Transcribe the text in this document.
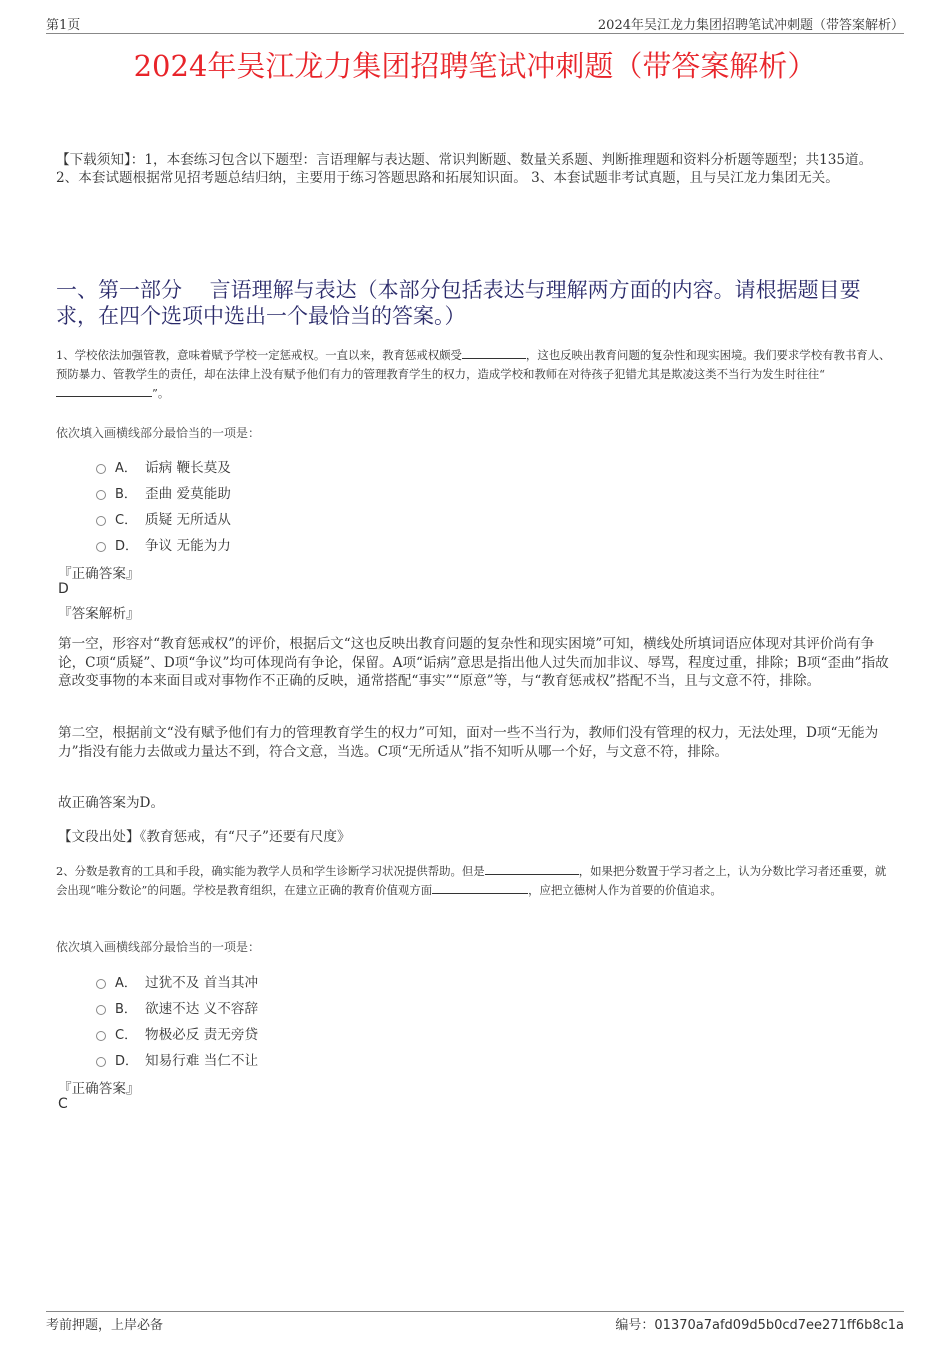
第1页	2024年吴江龙力集团招聘笔试冲刺题（带答案解析）
2024年吴江龙力集团招聘笔试冲刺题（带答案解析）
【下载须知】：1，本套练习包含以下题型：言语理解与表达题、常识判断题、数量关系题、判断推理题和资料分析题等题型；共135道。 2、本套试题根据常见招考题总结归纳，主要用于练习答题思路和拓展知识面。 3、本套试题非考试真题，且与吴江龙力集团无关。
一、第一部分　 言语理解与表达（本部分包括表达与理解两方面的内容。请根据题目要求，在四个选项中选出一个最恰当的答案。）
1、学校依法加强管教，意味着赋予学校一定惩戒权。一直以来，教育惩戒权颇受	，这也反映出教育问题的复杂性和现实困境。我们要求学校有教书育人、预防暴力、管教学生的责任，却在法律上没有赋予他们有力的管理教育学生的权力，造成学校和教师在对待孩子犯错尤其是欺凌这类不当行为发生时往往“”。
依次填入画横线部分最恰当的一项是：
A． 诟病 鞭长莫及
B． 歪曲 爱莫能助
C． 质疑 无所适从
D． 争议 无能为力
『正确答案』
D
『答案解析』
第一空，形容对“教育惩戒权”的评价，根据后文“这也反映出教育问题的复杂性和现实困境”可知，横线处所填词语应体现对其评价尚有争论，C项“质疑”、D项“争议”均可体现尚有争论，保留。A项“诟病”意思是指出他人过失而加非议、辱骂，程度过重，排除；B项“歪曲”指故意改变事物的本来面目或对事物作不正确的反映，通常搭配“事实”“原意”等，与“教育惩戒权”搭配不当，且与文意不符，排除。
第二空，根据前文“没有赋予他们有力的管理教育学生的权力”可知，面对一些不当行为，教师们没有管理的权力，无法处理，D项“无能为力”指没有能力去做或力量达不到，符合文意，当选。C项“无所适从”指不知听从哪一个好，与文意不符，排除。
故正确答案为D。
【文段出处】《教育惩戒，有“尺子”还要有尺度》
2、分数是教育的工具和手段，确实能为教学人员和学生诊断学习状况提供帮助。但是	，如果把分数置于学习者之上，认为分数比学习者还重要，就会出现“唯分数论”的问题。学校是教育组织，在建立正确的教育价值观方面	，应把立德树人作为首要的价值追求。
依次填入画横线部分最恰当的一项是：
A． 过犹不及 首当其冲
B． 欲速不达 义不容辞
C． 物极必反 责无旁贷
D． 知易行难 当仁不让
『正确答案』
C
考前押题，上岸必备	编号：01370a7afd09d5b0cd7ee271ff6b8c1a
